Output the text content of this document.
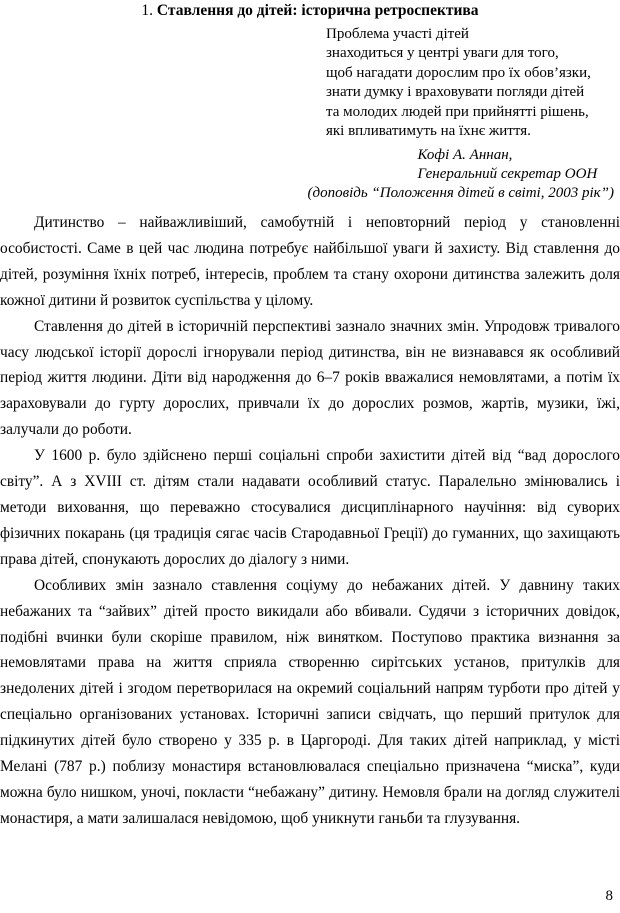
1. Ставлення до дітей: історична ретроспектива
Проблема участі дітей
знаходиться у центрі уваги для того,
щоб нагадати дорослим про їх обов’язки,
знати думку і враховувати погляди дітей
та молодих людей при прийнятті рішень,
які впливатимуть на їхнє життя.
Кофі А. Аннан,
Генеральний секретар ООН
(доповідь “Положення дітей в світі, 2003 рік”)

Дитинство – найважливіший, самобутній і неповторний період у становленні особистості. Саме в цей час людина потребує найбільшої уваги й захисту. Від ставлення до дітей, розуміння їхніх потреб, інтересів, проблем та стану охорони дитинства залежить доля кожної дитини й розвиток суспільства у цілому.

Ставлення до дітей в історичній перспективі зазнало значних змін. Упродовж тривалого часу людської історії дорослі ігнорували період дитинства, він не визнавався як особливий період життя людини. Діти від народження до 6–7 років вважалися немовлятами, а потім їх зараховували до гурту дорослих, привчали їх до дорослих розмов, жартів, музики, їжі, залучали до роботи.

У 1600 р. було здійснено перші соціальні спроби захистити дітей від “вад дорослого світу”. А з XVIII ст. дітям стали надавати особливий статус. Паралельно змінювались і методи виховання, що переважно стосувалися дисциплінарного научіння: від суворих фізичних покарань (ця традиція сягає часів Стародавньої Греції) до гуманних, що захищають права дітей, спонукають дорослих до діалогу з ними.

Особливих змін зазнало ставлення соціуму до небажаних дітей. У давнину таких небажаних та “зайвих” дітей просто викидали або вбивали. Судячи з історичних довідок, подібні вчинки були скоріше правилом, ніж винятком. Поступово практика визнання за немовлятами права на життя сприяла створенню сирітських установ, притулків для знедолених дітей і згодом перетворилася на окремий соціальний напрям турботи про дітей у спеціально організованих установах. Історичні записи свідчать, що перший притулок для підкинутих дітей було створено у 335 р. в Царгороді. Для таких дітей наприклад, у місті Мелані (787 р.) поблизу монастиря встановлювалася спеціально призначена “миска”, куди можна було нишком, уночі, покласти “небажану” дитину. Немовля брали на догляд служителі монастиря, а мати залишалася невідомою, щоб уникнути ганьби та глузування.

8
